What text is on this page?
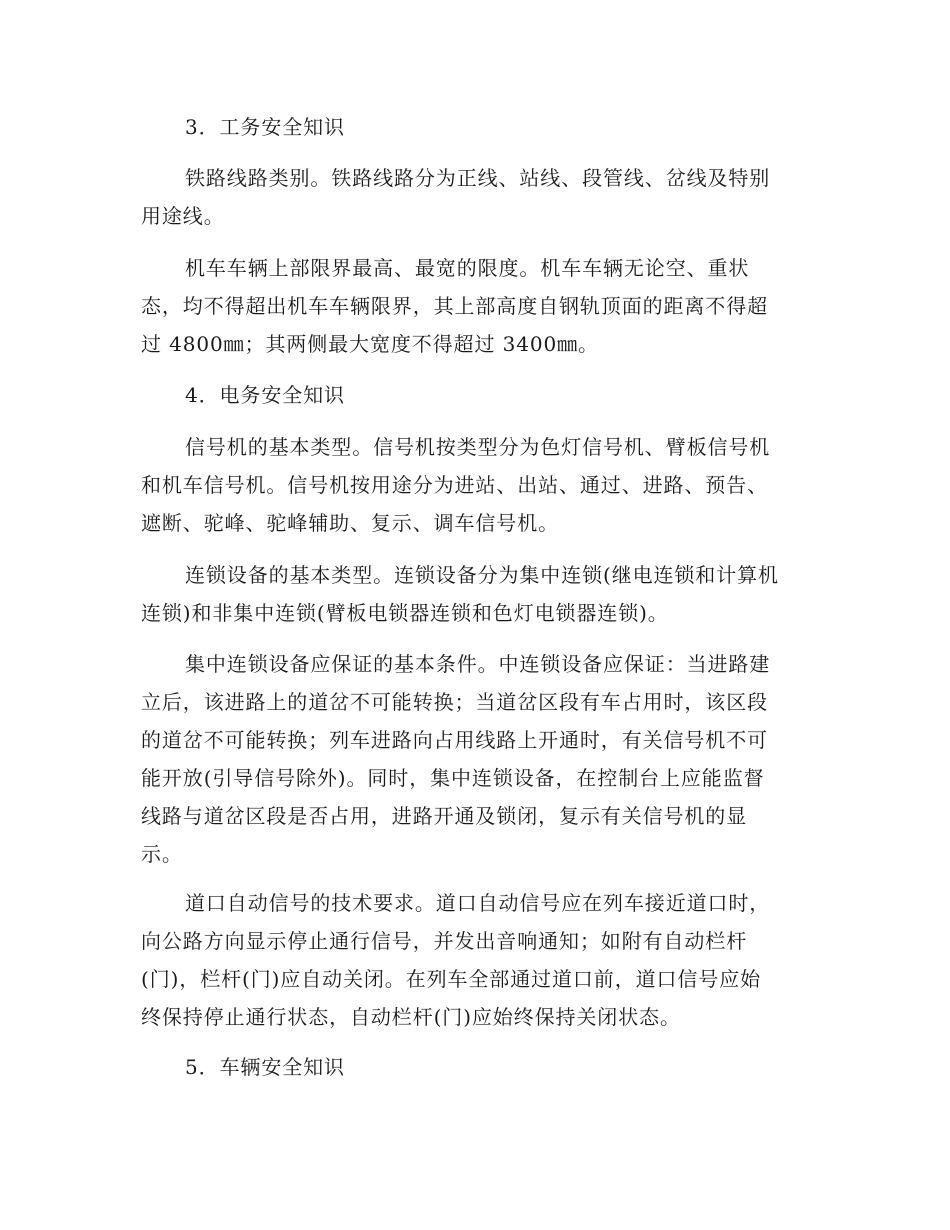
3．工务安全知识
铁路线路类别。铁路线路分为正线、站线、段管线、岔线及特别
用途线。
机车车辆上部限界最高、最宽的限度。机车车辆无论空、重状
态，均不得超出机车车辆限界，其上部高度自钢轨顶面的距离不得超
过 4800㎜；其两侧最大宽度不得超过 3400㎜。
4．电务安全知识
信号机的基本类型。信号机按类型分为色灯信号机、臂板信号机
和机车信号机。信号机按用途分为进站、出站、通过、进路、预告、
遮断、驼峰、驼峰辅助、复示、调车信号机。
连锁设备的基本类型。连锁设备分为集中连锁(继电连锁和计算机
连锁)和非集中连锁(臂板电锁器连锁和色灯电锁器连锁)。
集中连锁设备应保证的基本条件。中连锁设备应保证：当进路建
立后，该进路上的道岔不可能转换；当道岔区段有车占用时，该区段
的道岔不可能转换；列车进路向占用线路上开通时，有关信号机不可
能开放(引导信号除外)。同时，集中连锁设备，在控制台上应能监督
线路与道岔区段是否占用，进路开通及锁闭，复示有关信号机的显
示。
道口自动信号的技术要求。道口自动信号应在列车接近道口时，
向公路方向显示停止通行信号，并发出音响通知；如附有自动栏杆
(门)，栏杆(门)应自动关闭。在列车全部通过道口前，道口信号应始
终保持停止通行状态，自动栏杆(门)应始终保持关闭状态。
5．车辆安全知识
